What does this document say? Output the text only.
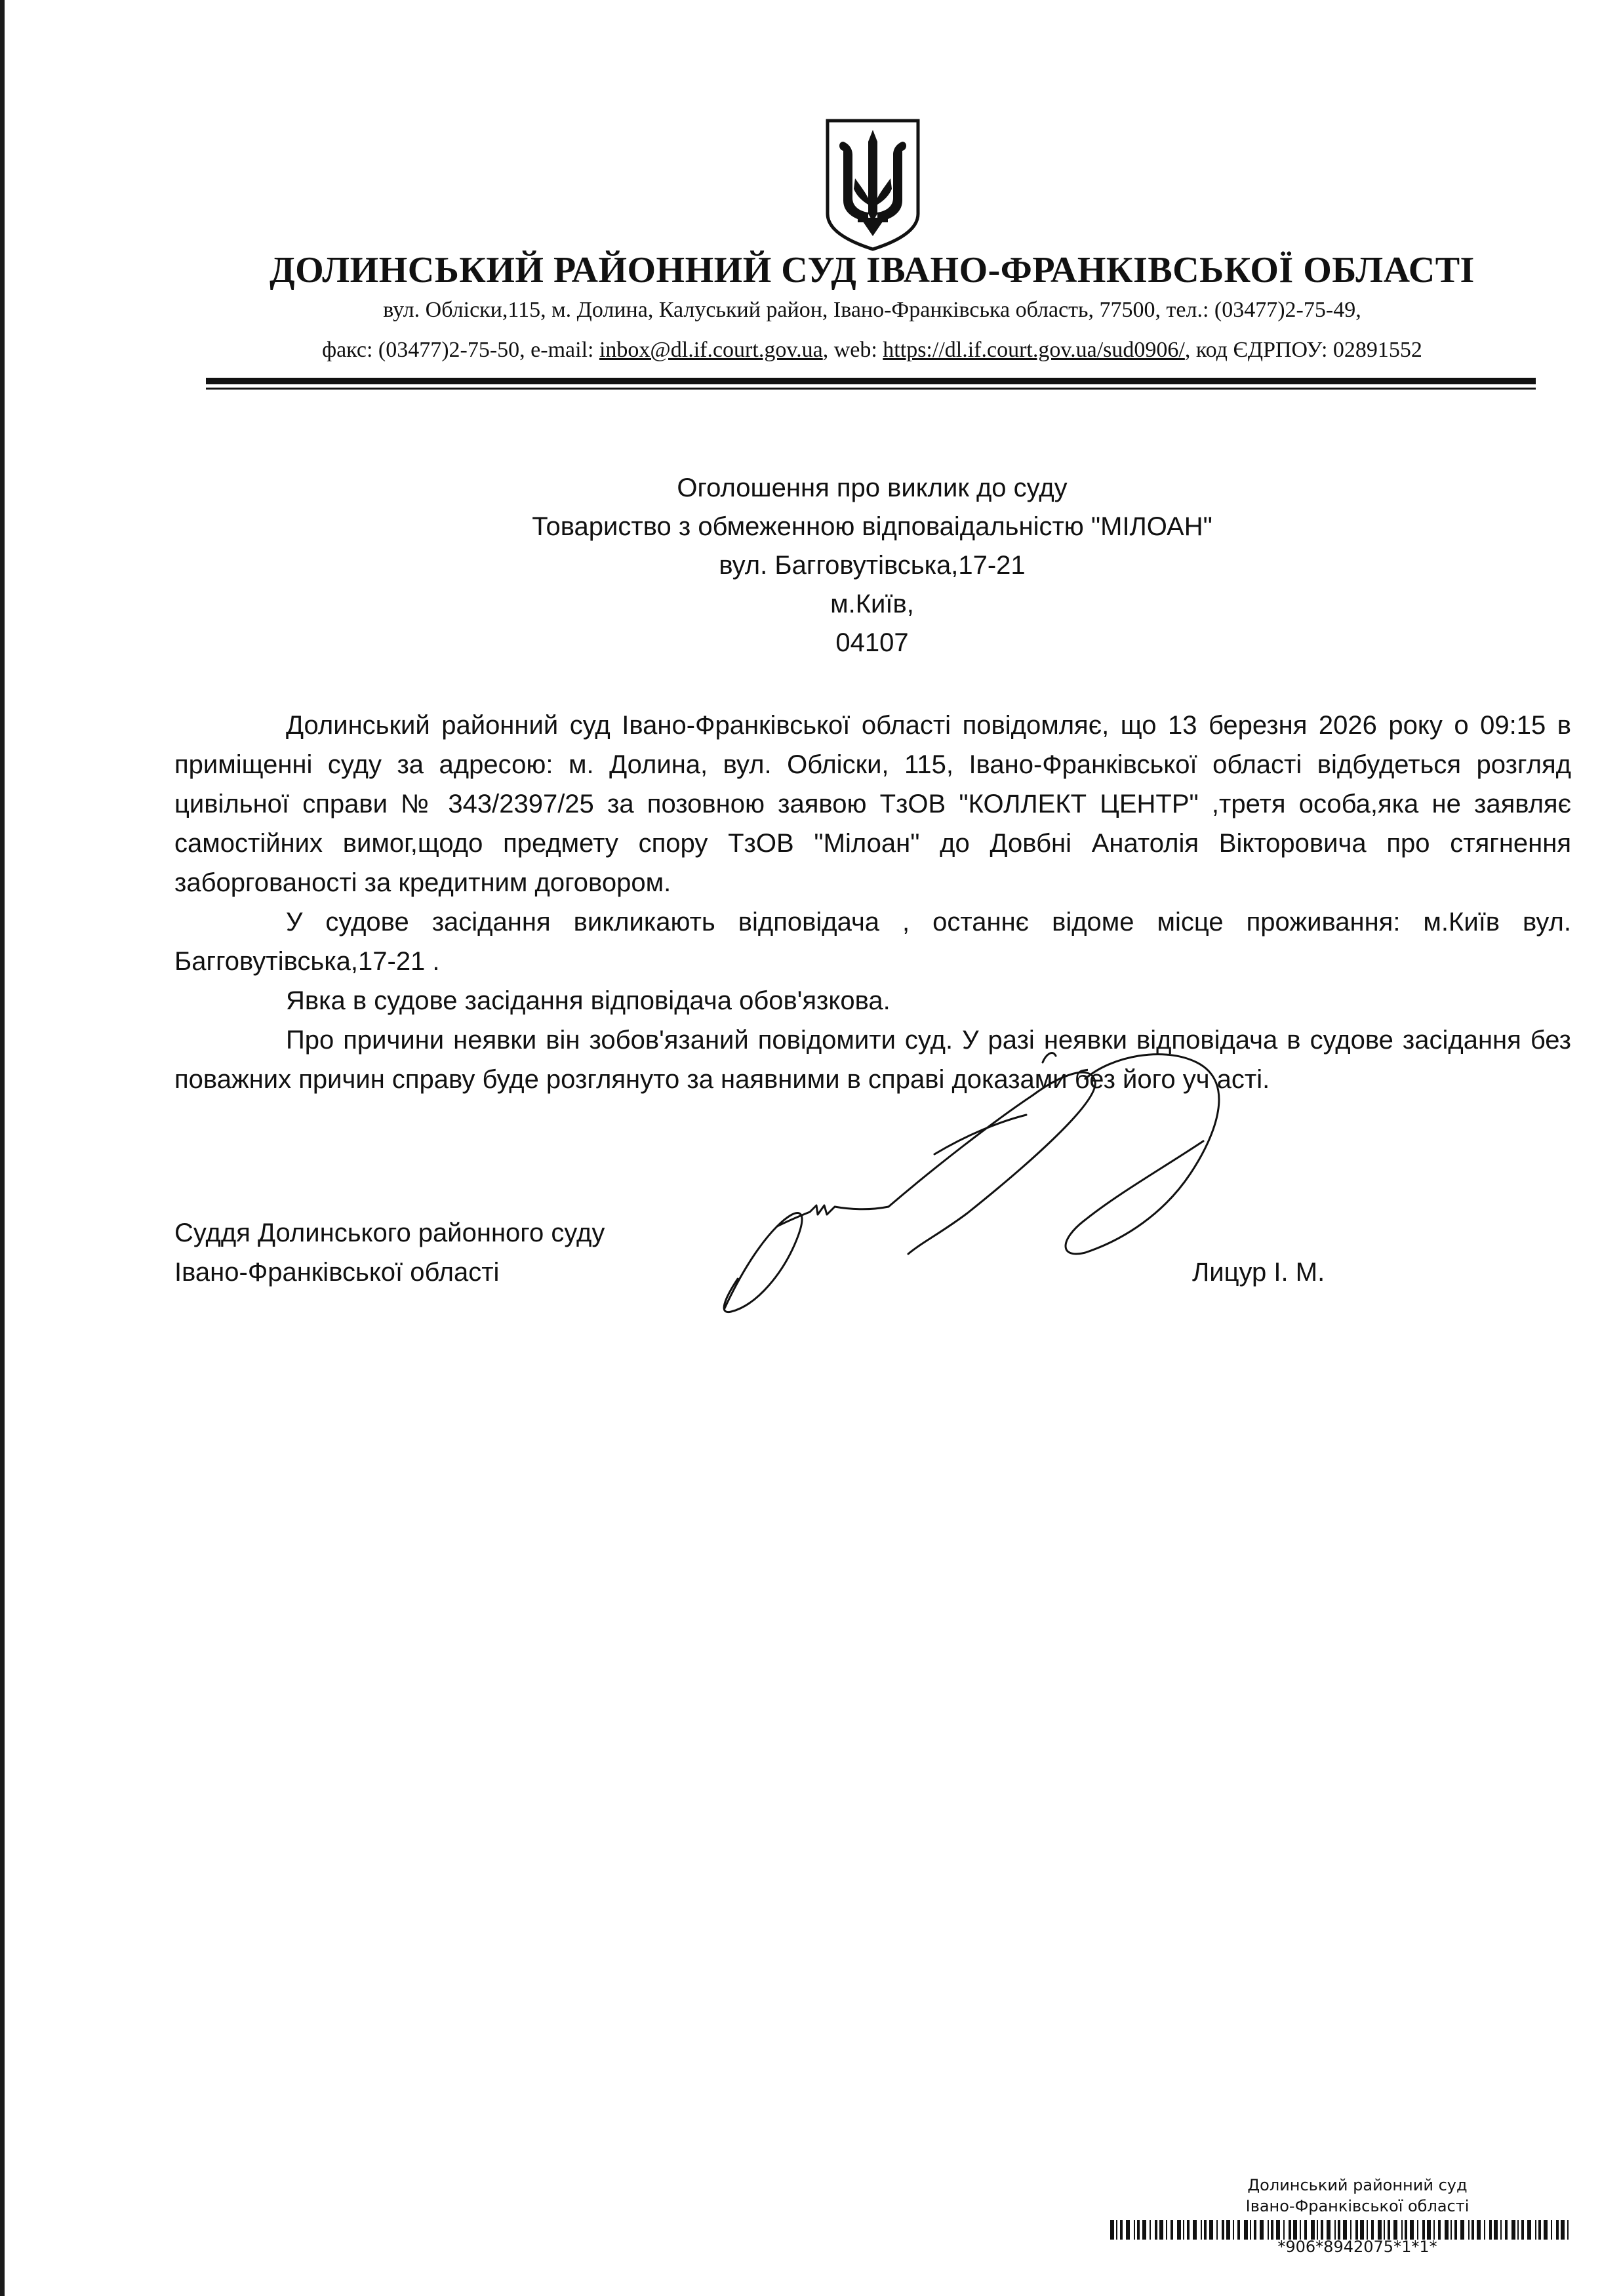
ДОЛИНСЬКИЙ РАЙОННИЙ СУД ІВАНО-ФРАНКІВСЬКОЇ ОБЛАСТІ
вул. Обліски,115, м. Долина, Калуський район, Івано-Франківська область, 77500, тел.: (03477)2-75-49,
факс: (03477)2-75-50, e-mail: inbox@dl.if.court.gov.ua, web: https://dl.if.court.gov.ua/sud0906/, код ЄДРПОУ: 02891552
Оголошення про виклик до суду
Товариство з обмеженною відповаідальністю "МІЛОАН"
вул. Багговутівська,17-21
м.Київ,
04107

Долинський районний суд Івано-Франківської області повідомляє, що 13 березня 2026 року о 09:15 в приміщенні суду за адресою: м. Долина, вул. Обліски, 115, Івано-Франківської області відбудеться розгляд цивільної справи № 343/2397/25 за позовною заявою ТзОВ "КОЛЛЕКТ ЦЕНТР" ,третя особа,яка не заявляє самостійних вимог,щодо предмету спору ТзОВ "Мілоан" до Довбні Анатолія Вікторовича про стягнення заборгованості за кредитним договором.

У судове засідання викликають відповідача , останнє відоме місце проживання: м.Київ вул. Багговутівська,17-21 .

Явка в судове засідання відповідача обов'язкова.

Про причини неявки він зобов'язаний повідомити суд. У разі неявки відповідача в судове засідання без поважних причин справу буде розглянуто за наявними в справі доказами без його уч асті.

Суддя Долинського районного суду
Івано-Франківської області	Лицур І. М.
Долинський районний суд
Івано-Франківської області
*906*8942075*1*1*
